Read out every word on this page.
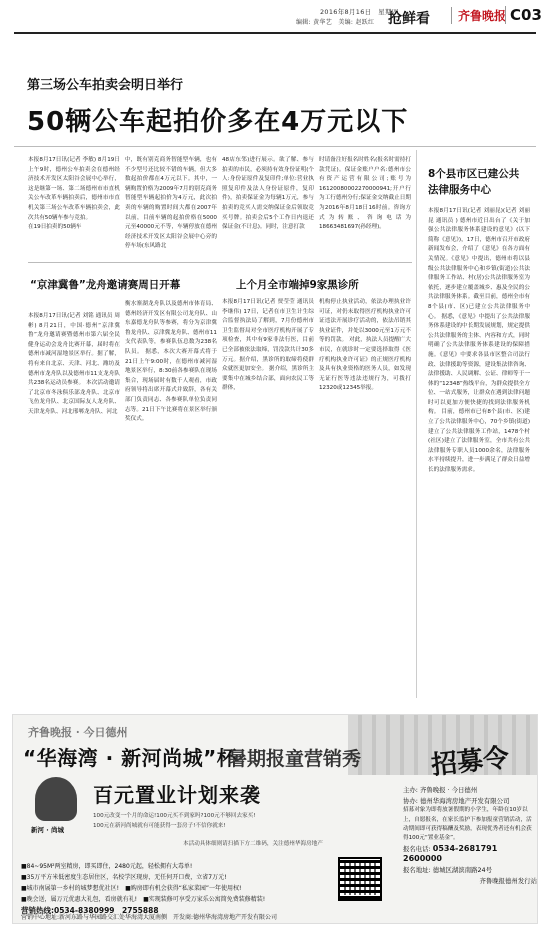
2016年8月16日　星期四
编辑: 黄华艺　美编: 赵跃红 抢鲜看	齐鲁晚报 C03
第三场公车拍卖会明日举行
50辆公车起拍价多在4万元以下
本报8月17日讯(记者 李敏) 8月19日上午9时，德州公车拍卖会在德州经济技术开发区太阳谷会展中心举行，这是继第一场、第二场德州市市直机关公车改革车辆拍卖后，德州市市直机关第三场公车改革车辆拍卖会，此次共有50辆车参与竞拍。
在19日拍卖的50辆车
中，既有别克商务智能型车辆，也有不少型号还比较不错的车辆，但大多数起拍价都在4万元以下。其中，一辆购置价格为2009年7月的别克商务智能型车辆起拍价为4万元，此次拍卖的车辆的购置时间大都在2007年以前，目前车辆的起拍价格在5000元至40000元不等，车辆停放在德州经济技术开发区太阳谷会展中心旁的停车场(东风路北
48店东邻)进行展示。欲了解、参与拍卖的市民，必须持有效身份证明(个人:身份证原件及复印件;单位:营业执照复印件及法人身份证原件，复印件)，拍卖保证金为每辆1万元，参与拍卖的竞买人需交纳保证金后领取竞买号牌。拍卖会后5个工作日内退还保证金(不计息)。同时，注意打款
时请备注好报名时姓名(报名时需持打款凭证)。保证金账户户名:德州市公有资产运营有限公司;账号为16120080002270000941;开户行为工行德州分行;保证金交纳截止日期为2016年8月18日16时前。咨询方式为转账、咨询电话为18663481697(孙经理)。
8个县市区已建公共法律服务中心
本报8月17日讯(记者 刘丽昆)(记者 刘丽昆 通讯员 ) 德州市近日出台了《关于加强公共法律服务体系建设的意见》(以下简称《意见》)，17日，德州市召开市政府新闻发布会，介绍了《意见》在各方面有关情况。《意见》中提出，德州市将以县级公共法律服务中心和乡镇(街道)公共法律服务工作站、村(居)公共法律服务室为依托，逐步建立覆盖城乡、惠及全民的公共法律服务体系。截至目前，德州全市有8个县(市、区)已建立公共法律服务中心。 据悉，《意见》中提出了公共法律服务体系建设的中长期发展规划，规定提供公共法律服务的主体、内容和方式，同时明确了公共法律服务体系建设的保障措施。《意见》中要求各县市区整合司法行政、法律援助等资源，建设集法律咨询、法律援助、人民调解、公证、律师等于一体的“12348”热线平台，为群众提供全方位、一站式服务，让群众在遇到法律问题时可以更加方便快捷的找到法律服务机构。 目前，德州市已有8个县(市、区)建立了公共法律服务中心，70个乡镇(街道)建立了公共法律服务工作站，1478个村(社区)建立了法律服务室，全市共有公共法律服务专职人员1000余名，法律服务水平持续提升，进一步满足了群众日益增长的法律服务需求。
“京津冀鲁”龙舟邀请赛周日开幕
本报8月17日讯(记者 刘铭 通讯员 周彬) 8月21日，中国·德州“京津冀鲁”龙舟邀请赛暨德州市第六届全民健身运动会龙舟比赛开幕，届时将在德州市减河湿地景区举行。据了解，将有来自北京、天津、河北、潍坊及德州市龙舟队以及德州市11支龙舟队共238名运动员参赛。 本次活动邀请了北京市冬泳俱乐部龙舟队、北京市飞鱼龙舟队、北京国际友人龙舟队、天津龙舟队、河北邢郸龙舟队、河北
衡水寨湖龙舟队以及德州市体育局、德州经济开发区有限公司龙舟队、山东嘉德龙舟队等参赛，将分为京津冀鲁龙舟队、京津冀龙舟队、德州市11支代表队等，参赛队伍总数为238名队员。 据悉，本次大赛开幕式将于21日上午9:00时，在德州市减河湿地景区举行，8:30前各参赛队在现场集合，现场届时有数千人观看，市政府领导将出席开幕式并致辞，各有关部门负责同志、各参赛队单位负责同志等。21日下午比赛将在景区举行颁奖仪式。
上个月全市端掉9家黑诊所
本报8月17日讯(记者 贾莹莹 通讯员 李继伟) 17日，记者在市卫生计生综合监督执法局了解到，7月份德州市卫生监督局对全市医疗机构开展了专项检查，其中有9家非法行医，目前已全部被依法取缔，罚没款共计30多万元。据介绍，黑诊所的取缔将使群众就医更加安全。 据介绍，黑诊所主要集中在城乡结合部，面向农民工等群体，
机构停止执业活动，依法办理执业许可证，对仍未取得医疗机构执业许可证违法开展诊疗活动的，依法吊销其执业证件，并处以3000元至1万元不等的罚款。 对此，执法人员提醒广大市民，在就诊时一定要选择取得《医疗机构执业许可证》的正规医疗机构及具有执业资格的医务人员，如发现无证行医等违法违规行为，可拨打12320或12345举报。
齐鲁晚报 · 今日德州
“华海湾 · 新河尚城”杯
暑期报童营销秀	招募令
新河 · 尚城
百元置业计划来袭
100元改变一个月的命运!100元买不到家吗?100元不够回去家买!
100元在新河尚城就有可能获得一套房子!不信你就来!
本活动具体细则请扫描下方二维码，关注德州华海房地产
■84~95M²两室精房，即买即住，2480元起，轻松拥有大毒单!
■35万平方米低密度生态居住区，名校学区现房，无任何开口费，立省7万元!
■城市南展第一乡村的城梦想优社区!　■购房即有机会获得“私家菜园”一年使用权!
■晚会送，属万元优惠大礼包，看房就有礼!　■实现装修可享受万家乐公寓简免费装修精装!
营销热线:0534-8380999　2755888
主办: 齐鲁晚报 · 今日德州
协办: 德州华海湾房地产开发有限公司
招募对象为即将放暑假期的小学生，年龄在10岁以上，自愿报名，在家长监护下参加报童营销活动，活动期间即可获得稿酬及奖励，表现优秀者还有机会获得100元“置业基金”。
报名电话: 0534-2681791 2600000
报名地址: 德城区湖滨南路24号
齐鲁晚报德州发行站
营销中心地址:新河东路与华园路交汇处华海湾大厦南侧　开发商:德州华海湾房地产开发有限公司
